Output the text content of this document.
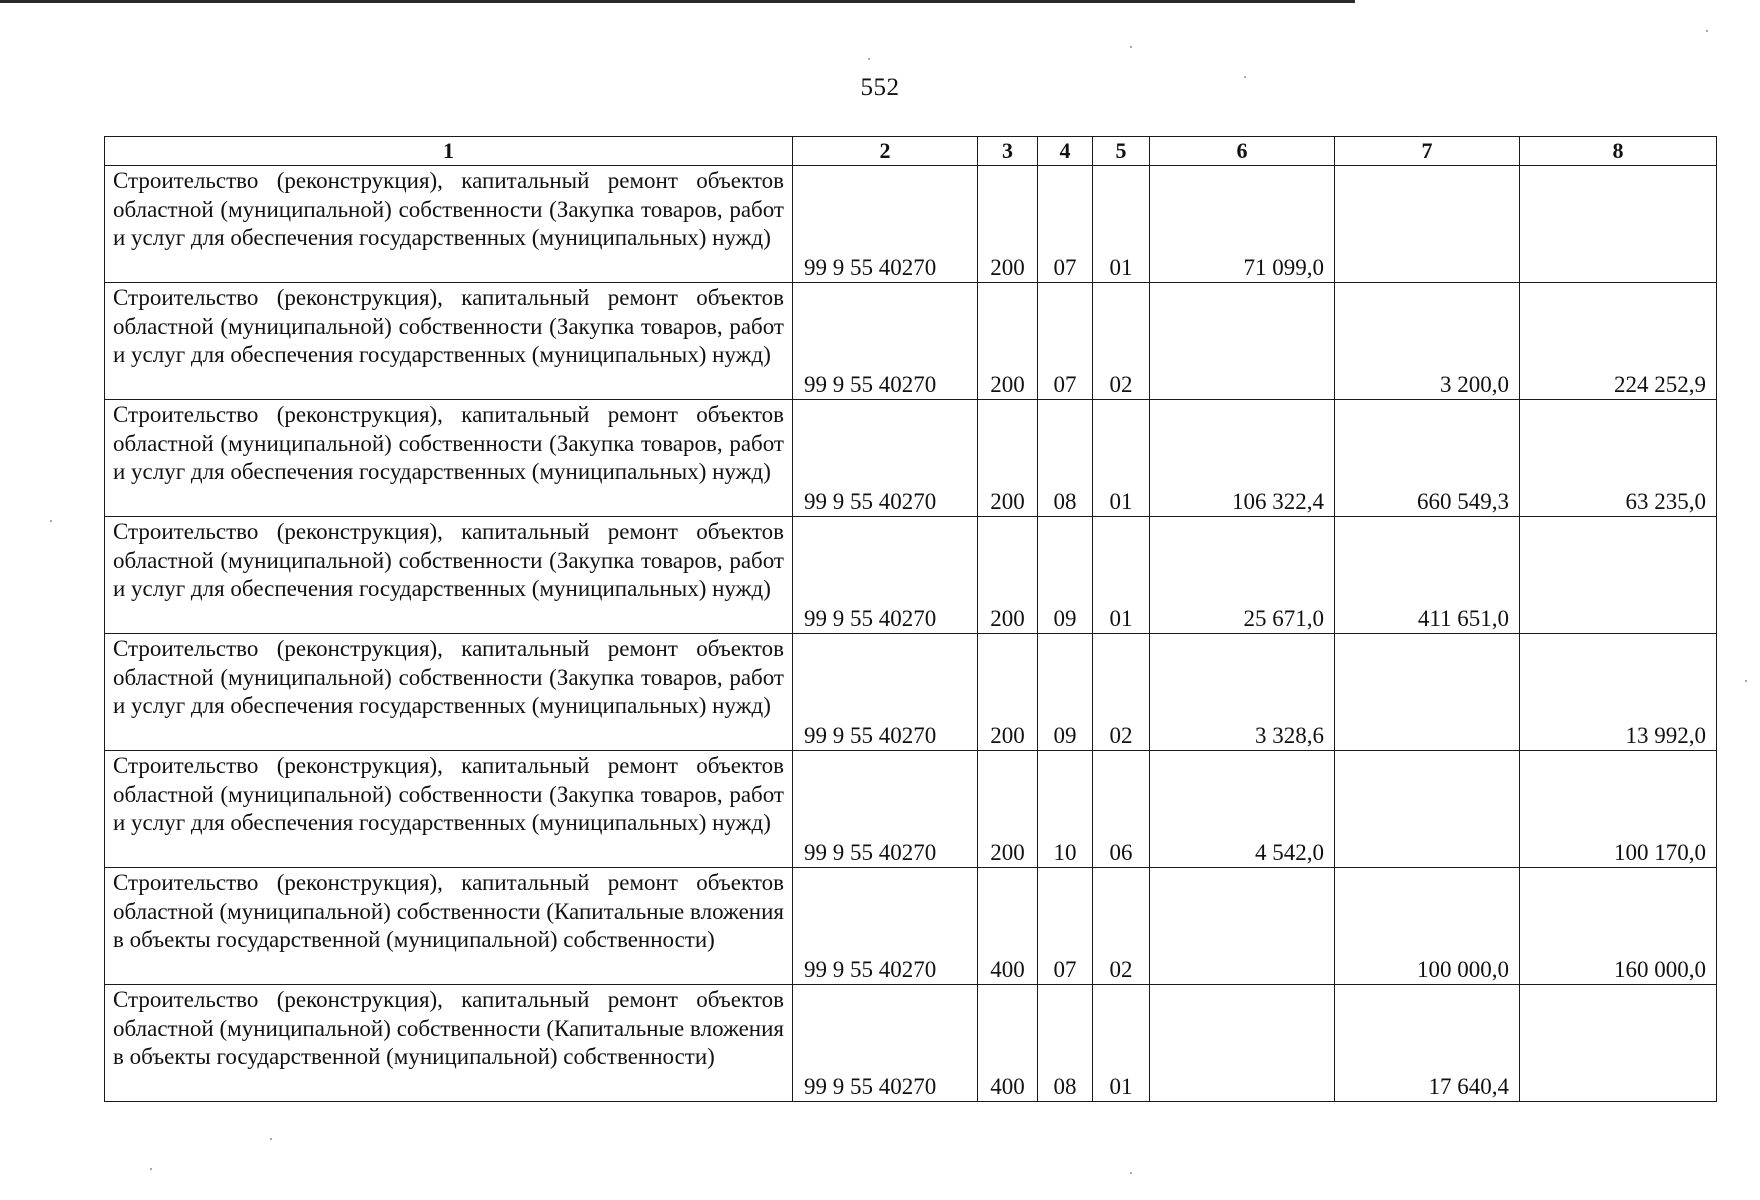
552
1	2	3	4	5	6	7	8
Строительство (реконструкция), капитальный ремонт объектов областной (муниципальной) собственности (Закупка товаров, работ и услуг для обеспечения государственных (муниципальных) нужд)	99 9 55 40270	200	07	01	71 099,0		
Строительство (реконструкция), капитальный ремонт объектов областной (муниципальной) собственности (Закупка товаров, работ и услуг для обеспечения государственных (муниципальных) нужд)	99 9 55 40270	200	07	02		3 200,0	224 252,9
Строительство (реконструкция), капитальный ремонт объектов областной (муниципальной) собственности (Закупка товаров, работ и услуг для обеспечения государственных (муниципальных) нужд)	99 9 55 40270	200	08	01	106 322,4	660 549,3	63 235,0
Строительство (реконструкция), капитальный ремонт объектов областной (муниципальной) собственности (Закупка товаров, работ и услуг для обеспечения государственных (муниципальных) нужд)	99 9 55 40270	200	09	01	25 671,0	411 651,0	
Строительство (реконструкция), капитальный ремонт объектов областной (муниципальной) собственности (Закупка товаров, работ и услуг для обеспечения государственных (муниципальных) нужд)	99 9 55 40270	200	09	02	3 328,6		13 992,0
Строительство (реконструкция), капитальный ремонт объектов областной (муниципальной) собственности (Закупка товаров, работ и услуг для обеспечения государственных (муниципальных) нужд)	99 9 55 40270	200	10	06	4 542,0		100 170,0
Строительство (реконструкция), капитальный ремонт объектов областной (муниципальной) собственности (Капитальные вложения в объекты государственной (муниципальной) собственности)	99 9 55 40270	400	07	02		100 000,0	160 000,0
Строительство (реконструкция), капитальный ремонт объектов областной (муниципальной) собственности (Капитальные вложения в объекты государственной (муниципальной) собственности)	99 9 55 40270	400	08	01		17 640,4	
